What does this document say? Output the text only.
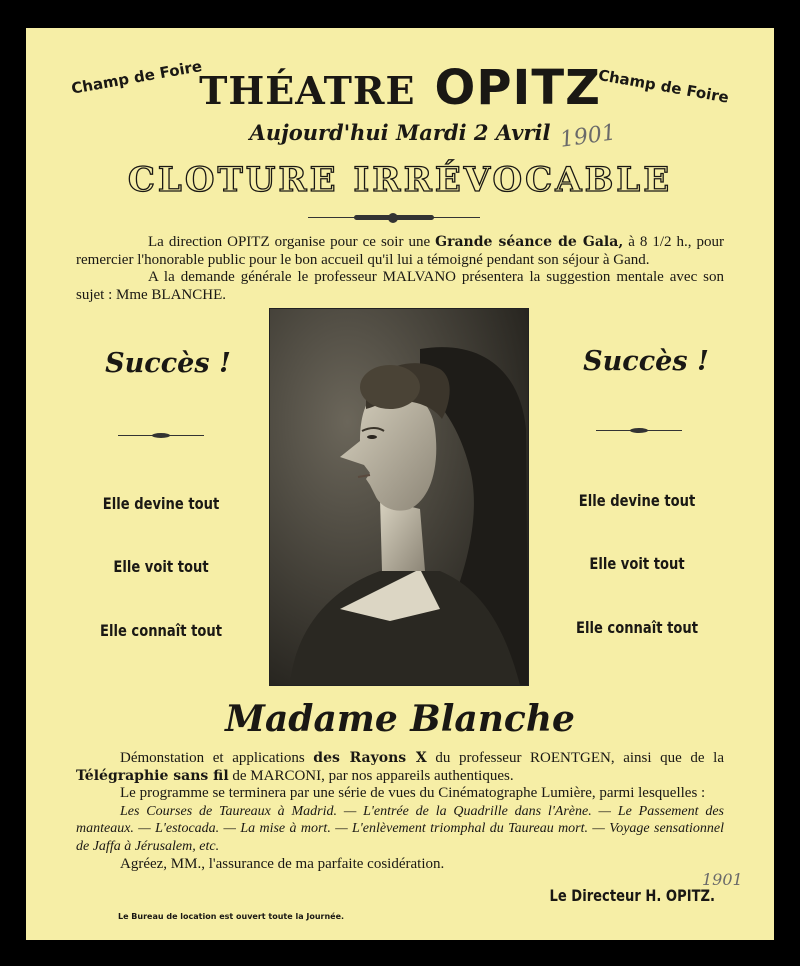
Champ de Foire	Champ de Foire
THÉATRE OPITZ
Aujourd'hui Mardi 2 Avril 1901
CLOTURE IRRÉVOCABLE
La direction OPITZ organise pour ce soir une Grande séance de Gala, à 8 1/2 h., pour remercier l'honorable public pour le bon accueil qu'il lui a témoigné pendant son séjour à Gand.
A la demande générale le professeur MALVANO présentera la suggestion mentale avec son sujet : Mme BLANCHE.
Succès !
Elle devine tout
Elle voit tout
Elle connaît tout
Succès !
Elle devine tout
Elle voit tout
Elle connaît tout
Madame Blanche
Démonstation et applications des Rayons X du professeur ROENTGEN, ainsi que de la Télégraphie sans fil de MARCONI, par nos appareils authentiques.
Le programme se terminera par une série de vues du Cinématographe Lumière, parmi lesquelles :
Les Courses de Taureaux à Madrid. — L'entrée de la Quadrille dans l'Arène. — Le Passement des manteaux. — L'estocada. — La mise à mort. — L'enlèvement triomphal du Taureau mort. — Voyage sensationnel de Jaffa à Jérusalem, etc.
Agréez, MM., l'assurance de ma parfaite cosidération.
Le Directeur H. OPITZ.
1901
Le Bureau de location est ouvert toute la Journée.
